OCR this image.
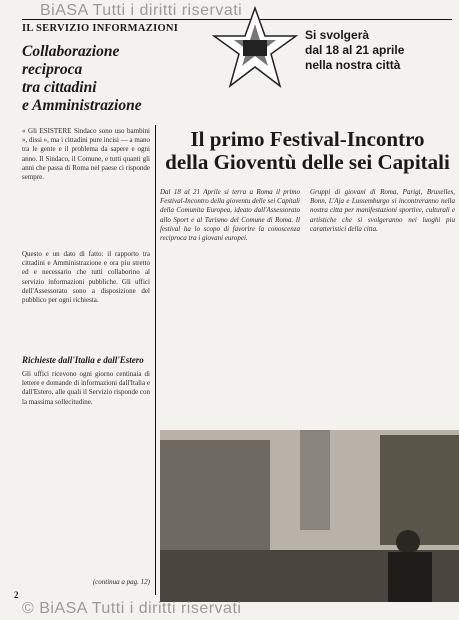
BiASA Tutti i diritti riservati
IL SERVIZIO INFORMAZIONI
Collaborazione
reciproca
tra cittadini
e Amministrazione
« Gli ESISTERE Sindaco sono uso bambini », dissi », ma i cittadini pure incisi — a mano tra le gente e il problema da sapere e ogni anno. Il Sindaco, il Comune, e tutti quanti gli anni che passa di Roma nel paese ci risponde sempre.
Questo e un dato di fatto: il rapporto tra cittadini e Amministrazione e ora piu stretto ed e necessario che tutti collaborino al servizio informazioni pubbliche. Gli uffici dell'Assessorato sono a disposizione del pubblico per ogni richiesta.
Richieste dall'Italia e dall'Estero
Gli uffici ricevono ogni giorno centinaia di lettere e domande di informazioni dall'Italia e dall'Estero, alle quali il Servizio risponde con la massima sollecitudine.
(continua a pag. 12)
2
Si svolgerà
dal 18 al 21 aprile
nella nostra città
Il primo Festival-Incontro
della Gioventù delle sei Capitali
Dal 18 al 21 Aprile si terra a Roma il primo Festival-Incontro della gioventu delle sei Capitali della Comunita Europea, ideato dall'Assessorato allo Sport e al Turismo del Comune di Roma. Il festival ha lo scopo di favorire la conoscenza reciproca tra i giovani europei.
Gruppi di giovani di Roma, Parigi, Bruxelles, Bonn, L'Aja e Lussemburgo si incontreranno nella nostra citta per manifestazioni sportive, culturali e artistiche che si svolgeranno nei luoghi piu caratteristici della citta.
© BiASA Tutti i diritti riservati
